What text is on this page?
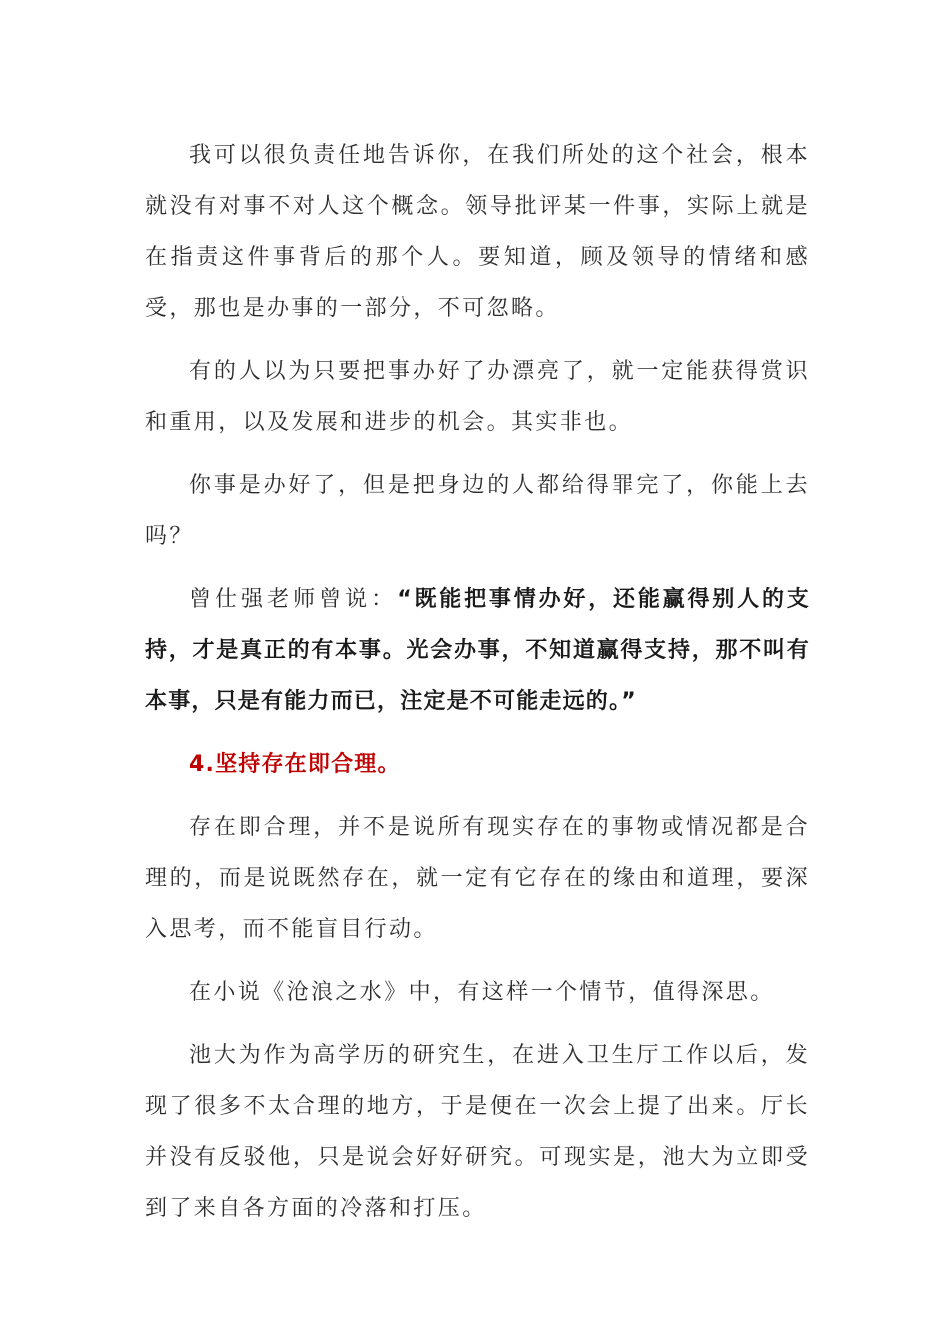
我可以很负责任地告诉你，在我们所处的这个社会，根本就没有对事不对人这个概念。领导批评某一件事，实际上就是在指责这件事背后的那个人。要知道，顾及领导的情绪和感受，那也是办事的一部分，不可忽略。

有的人以为只要把事办好了办漂亮了，就一定能获得赏识和重用，以及发展和进步的机会。其实非也。

你事是办好了，但是把身边的人都给得罪完了，你能上去吗？

曾仕强老师曾说：“既能把事情办好，还能赢得别人的支持，才是真正的有本事。光会办事，不知道赢得支持，那不叫有本事，只是有能力而已，注定是不可能走远的。”

4.坚持存在即合理。

存在即合理，并不是说所有现实存在的事物或情况都是合理的，而是说既然存在，就一定有它存在的缘由和道理，要深入思考，而不能盲目行动。

在小说《沧浪之水》中，有这样一个情节，值得深思。

池大为作为高学历的研究生，在进入卫生厅工作以后，发现了很多不太合理的地方，于是便在一次会上提了出来。厅长并没有反驳他，只是说会好好研究。可现实是，池大为立即受到了来自各方面的冷落和打压。
